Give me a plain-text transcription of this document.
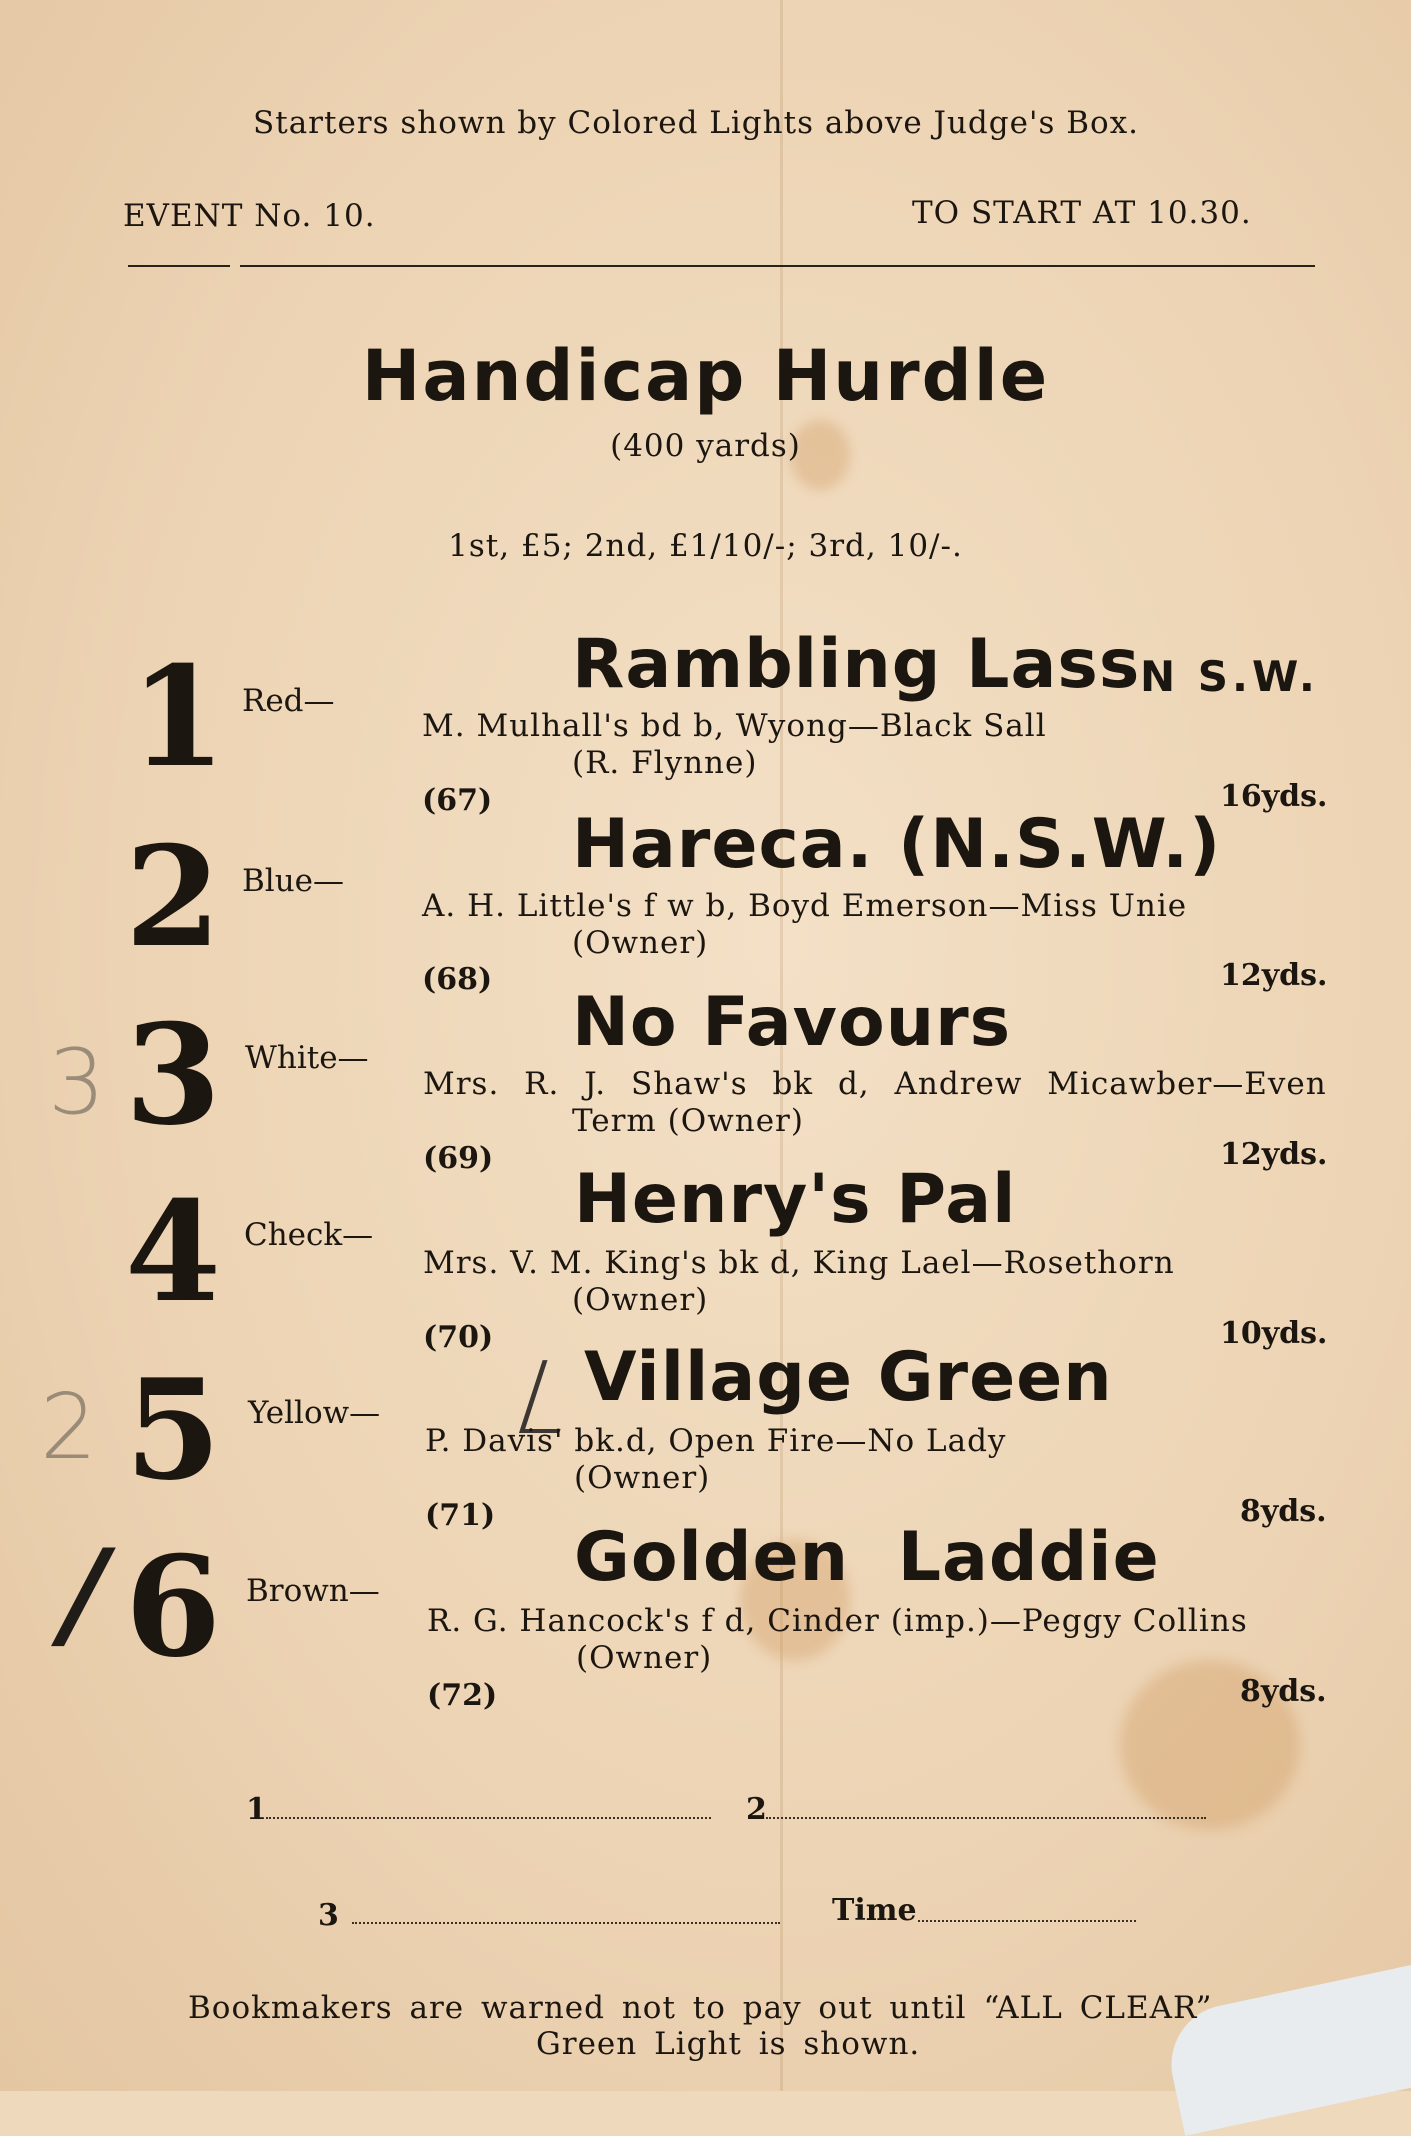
Starters shown by Colored Lights above Judge's Box.
EVENT No. 10.	TO START AT 10.30.
Handicap Hurdle
(400 yards)
1st, £5; 2nd, £1/10/-; 3rd, 10/-.
1 Red—	Rambling Lass N S.W.
M. Mulhall's bd b, Wyong—Black Sall
(R. Flynne)
(67)	16yds.
2 Blue—	Hareca. (N.S.W.)
A. H. Little's f w b, Boyd Emerson—Miss Unie
(Owner)
(68)	12yds.
3 3 White—	No Favours
Mrs. R. J. Shaw's bk d, Andrew Micawber—Even
Term (Owner)
(69)	12yds.
4 Check—	Henry's Pal
Mrs. V. M. King's bk d, King Lael—Rosethorn
(Owner)
(70)	10yds.
2 5 Yellow— L
Village Green
P. Davis' bk.d, Open Fire—No Lady
(Owner)
(71)	8yds.
/ 6 Brown—	Golden Laddie
R. G. Hancock's f d, Cinder (imp.)—Peggy Collins
(Owner)
(72)	8yds.
1	2
3	Time
Bookmakers are warned not to pay out until “ALL CLEAR”
Green Light is shown.
